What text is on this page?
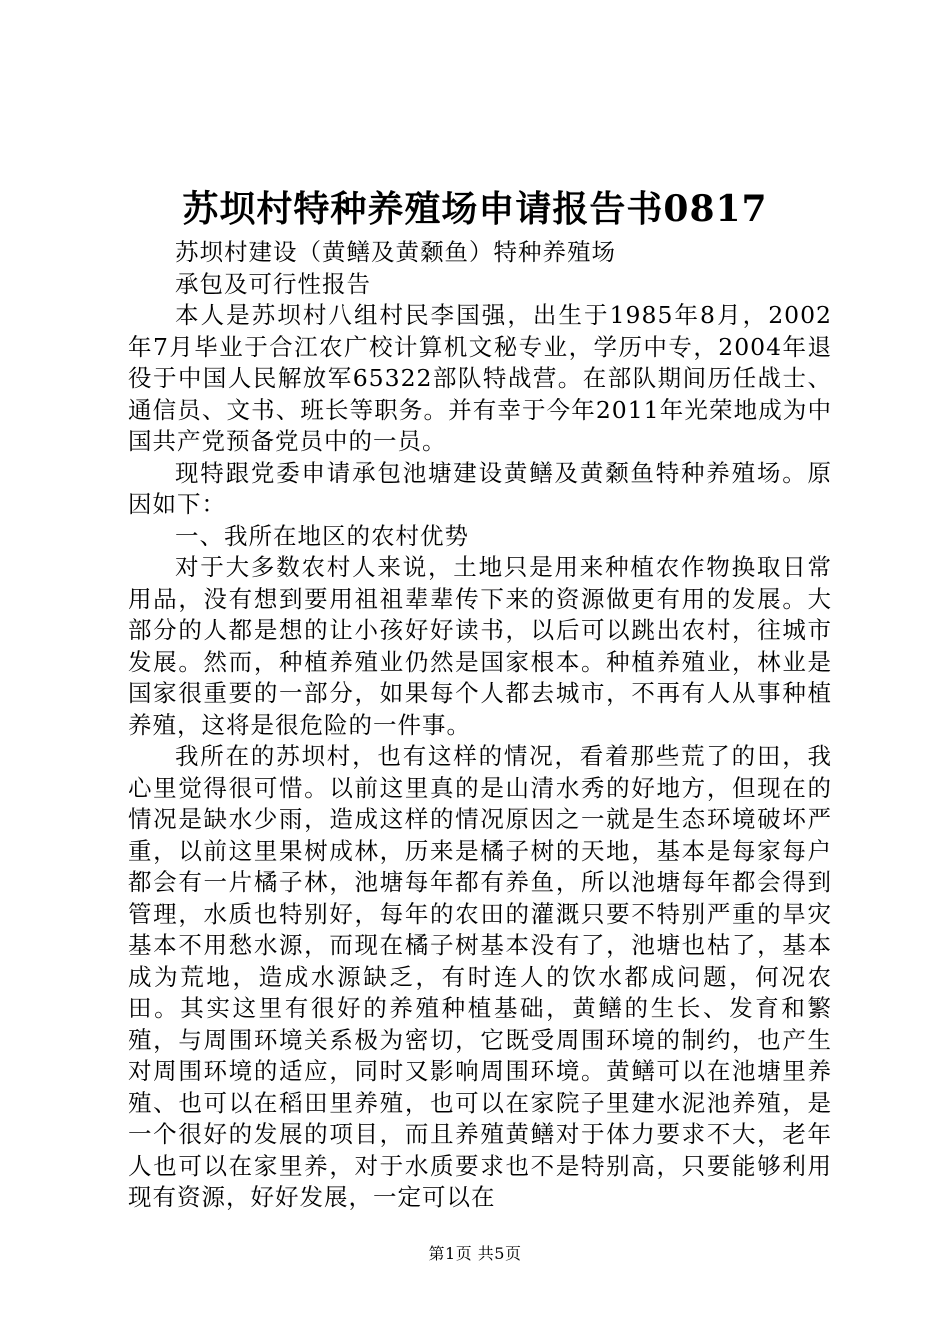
苏坝村特种养殖场申请报告书0817

苏坝村建设（黄鳝及黄颡鱼）特种养殖场

承包及可行性报告

本人是苏坝村八组村民李国强，出生于1985年8月，2002年7月毕业于合江农广校计算机文秘专业，学历中专，2004年退役于中国人民解放军65322部队特战营。在部队期间历任战士、通信员、文书、班长等职务。并有幸于今年2011年光荣地成为中国共产党预备党员中的一员。

现特跟党委申请承包池塘建设黄鳝及黄颡鱼特种养殖场。原因如下：

一、我所在地区的农村优势

对于大多数农村人来说，土地只是用来种植农作物换取日常用品，没有想到要用祖祖辈辈传下来的资源做更有用的发展。大部分的人都是想的让小孩好好读书，以后可以跳出农村，往城市发展。然而，种植养殖业仍然是国家根本。种植养殖业，林业是国家很重要的一部分，如果每个人都去城市，不再有人从事种植养殖，这将是很危险的一件事。

我所在的苏坝村，也有这样的情况，看着那些荒了的田，我心里觉得很可惜。以前这里真的是山清水秀的好地方，但现在的情况是缺水少雨，造成这样的情况原因之一就是生态环境破坏严重，以前这里果树成林，历来是橘子树的天地，基本是每家每户都会有一片橘子林，池塘每年都有养鱼，所以池塘每年都会得到管理，水质也特别好，每年的农田的灌溉只要不特别严重的旱灾基本不用愁水源，而现在橘子树基本没有了，池塘也枯了，基本成为荒地，造成水源缺乏，有时连人的饮水都成问题，何况农田。其实这里有很好的养殖种植基础，黄鳝的生长、发育和繁殖，与周围环境关系极为密切，它既受周围环境的制约，也产生对周围环境的适应，同时又影响周围环境。黄鳝可以在池塘里养殖、也可以在稻田里养殖，也可以在家院子里建水泥池养殖，是一个很好的发展的项目，而且养殖黄鳝对于体力要求不大，老年人也可以在家里养，对于水质要求也不是特别高，只要能够利用现有资源，好好发展，一定可以在

第1页 共5页
